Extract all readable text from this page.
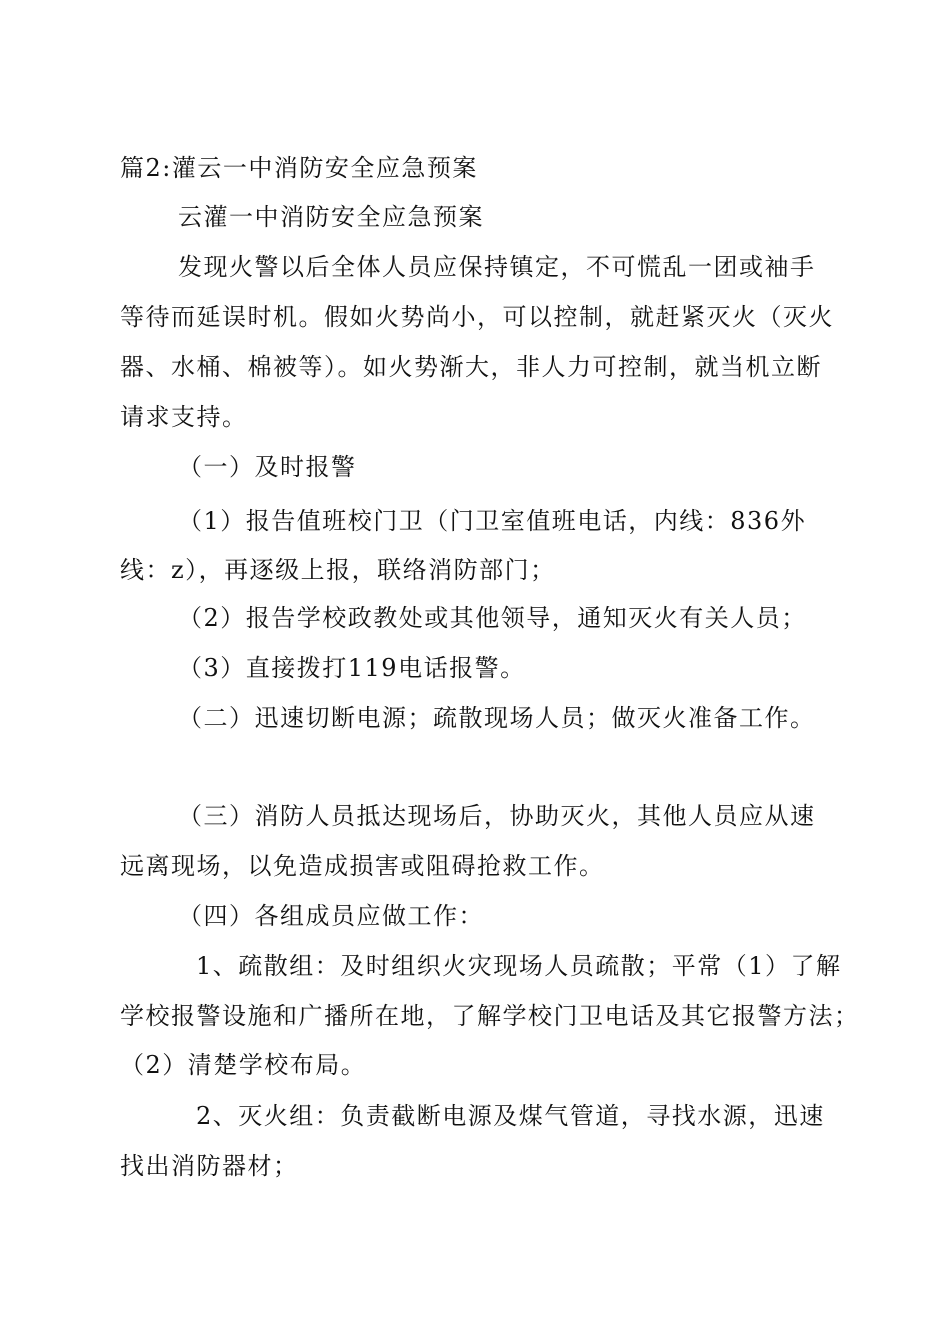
篇2:灌云一中消防安全应急预案
云灌一中消防安全应急预案
发现火警以后全体人员应保持镇定，不可慌乱一团或袖手
等待而延误时机。假如火势尚小，可以控制，就赶紧灭火（灭火
器、水桶、棉被等）。如火势渐大，非人力可控制，就当机立断
请求支持。
（一）及时报警
（1）报告值班校门卫（门卫室值班电话，内线：836外
线：z），再逐级上报，联络消防部门；
（2）报告学校政教处或其他领导，通知灭火有关人员；
（3）直接拨打119电话报警。
（二）迅速切断电源；疏散现场人员；做灭火准备工作。
（三）消防人员抵达现场后，协助灭火，其他人员应从速
远离现场，以免造成损害或阻碍抢救工作。
（四）各组成员应做工作：
1、疏散组：及时组织火灾现场人员疏散；平常（1）了解
学校报警设施和广播所在地，了解学校门卫电话及其它报警方法；
（2）清楚学校布局。
2、灭火组：负责截断电源及煤气管道，寻找水源，迅速
找出消防器材；
